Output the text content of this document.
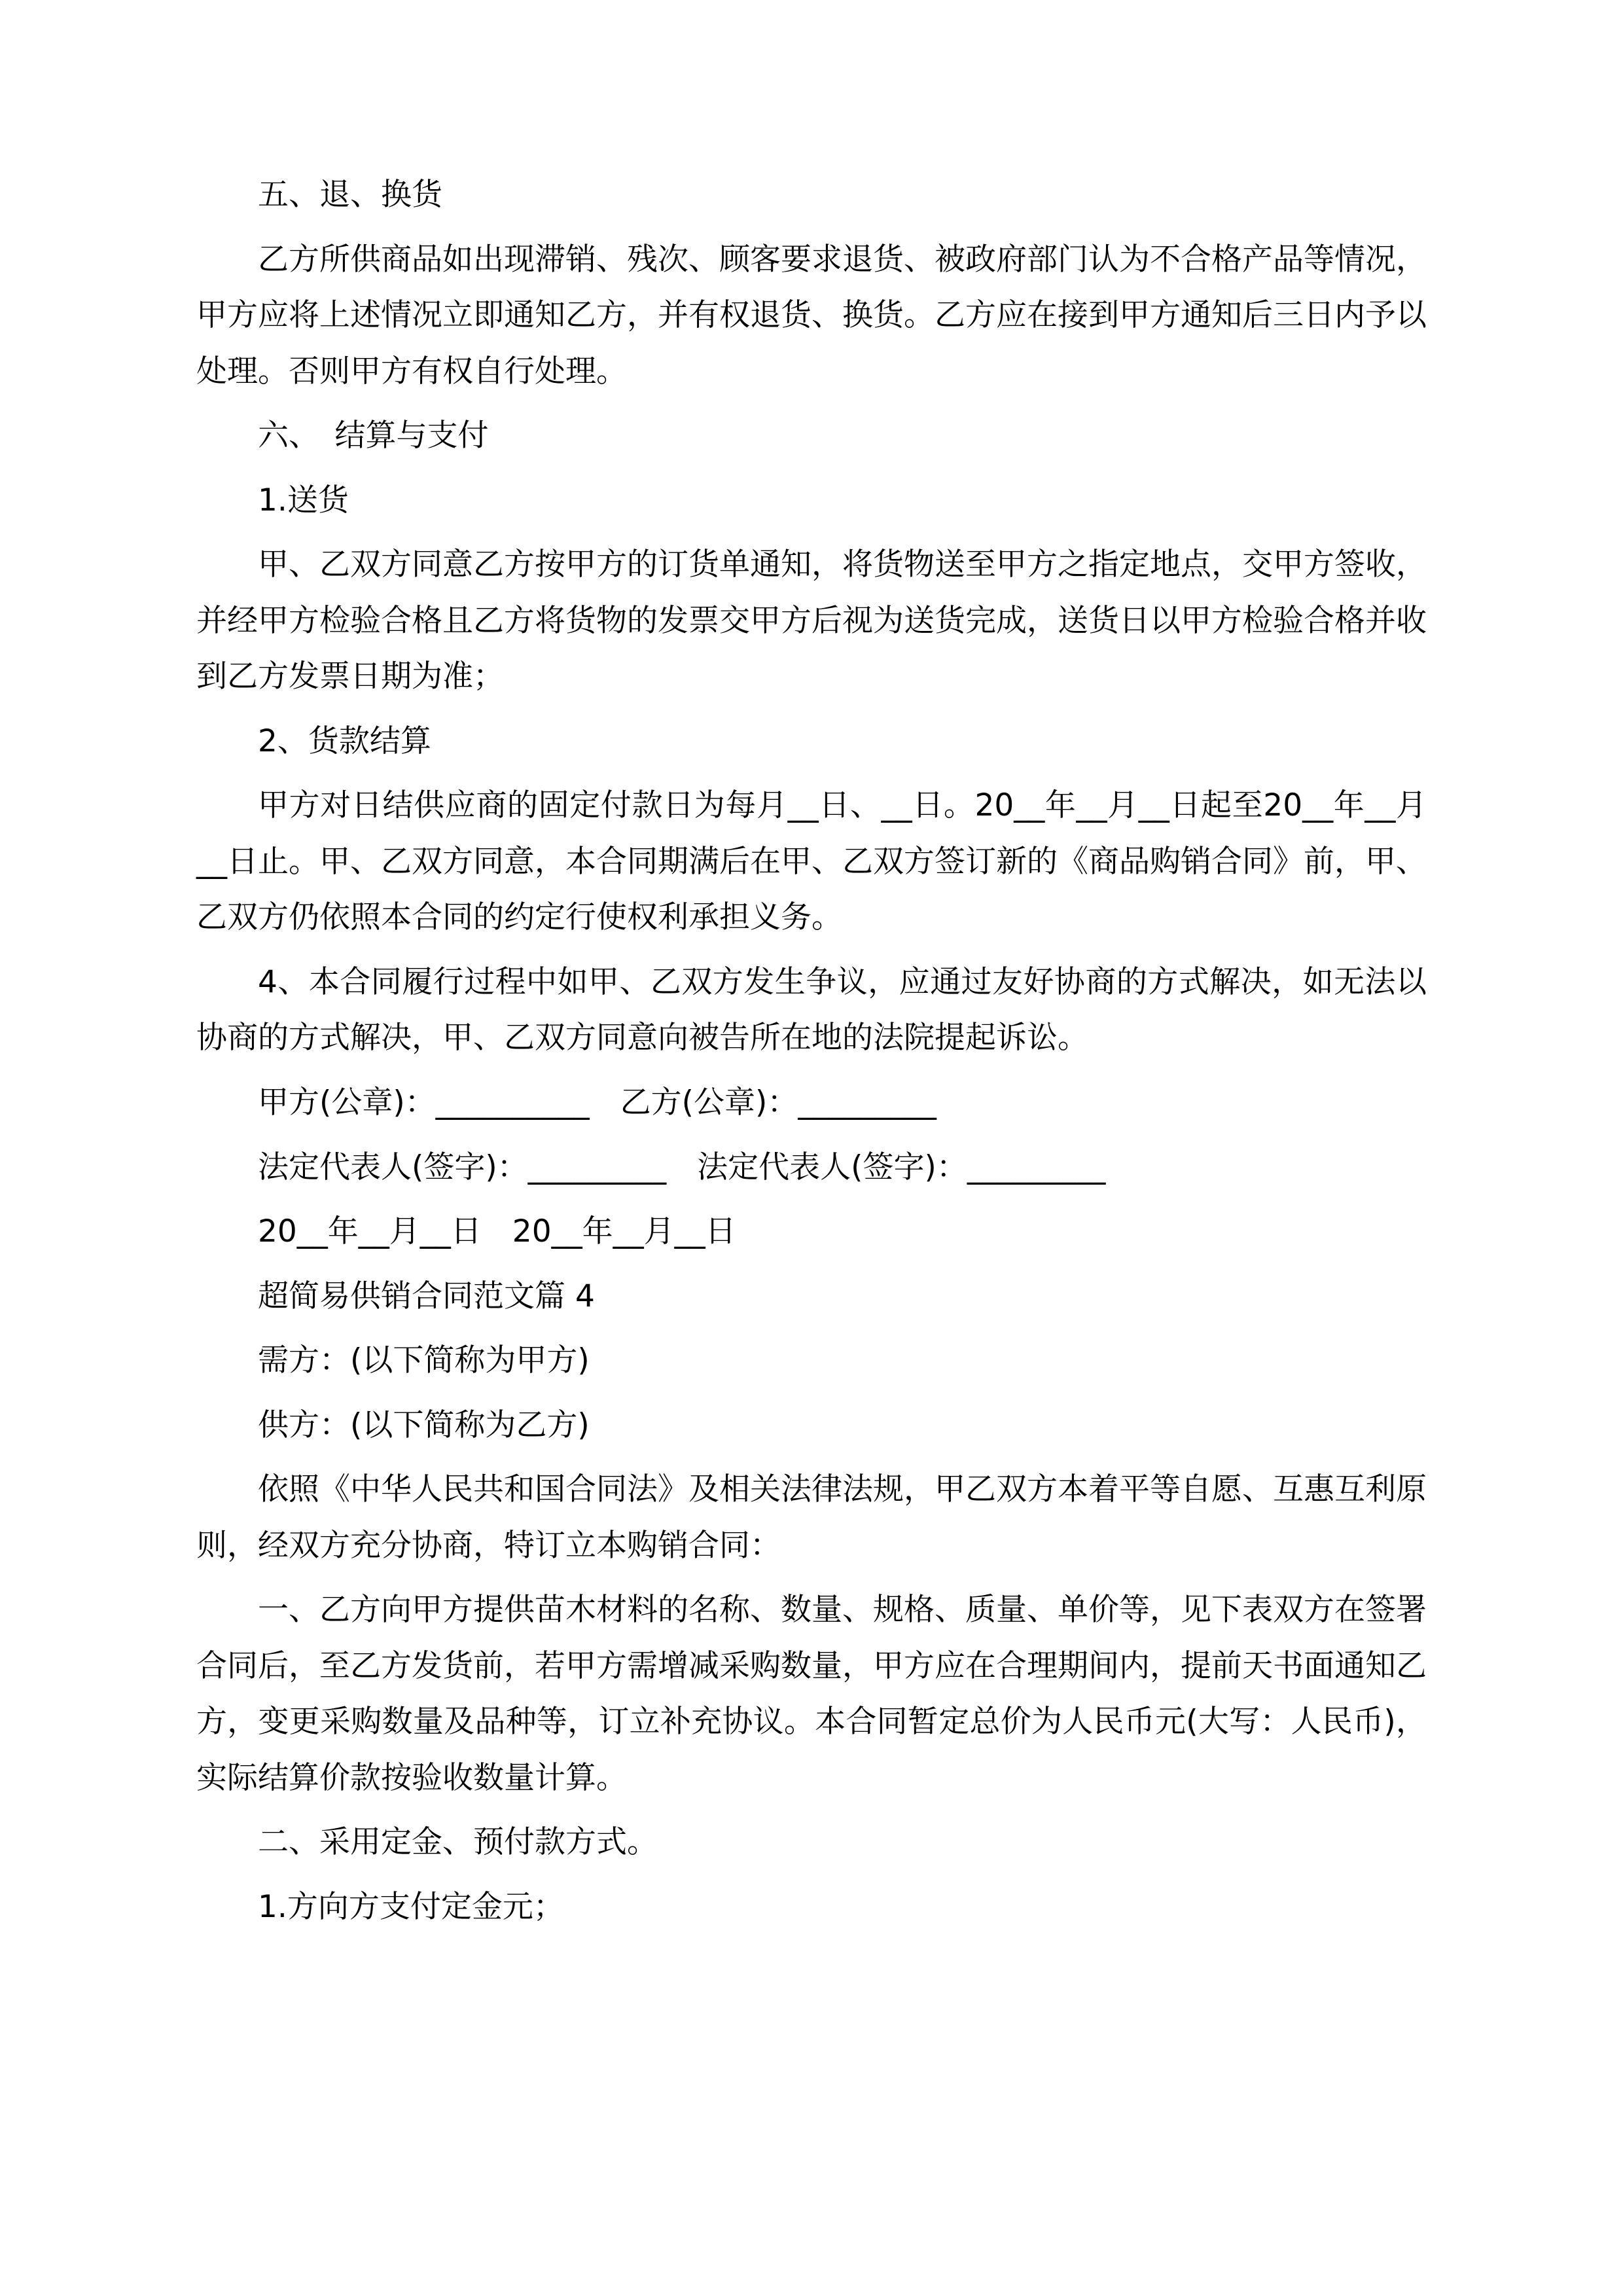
五、退、换货

乙方所供商品如出现滞销、残次、顾客要求退货、被政府部门认为不合格产品等情况，甲方应将上述情况立即通知乙方，并有权退货、换货。乙方应在接到甲方通知后三日内予以处理。否则甲方有权自行处理。

六、　结算与支付

1.送货

甲、乙双方同意乙方按甲方的订货单通知，将货物送至甲方之指定地点，交甲方签收，并经甲方检验合格且乙方将货物的发票交甲方后视为送货完成，送货日以甲方检验合格并收到乙方发票日期为准；

2、货款结算

甲方对日结供应商的固定付款日为每月__日、__日。20__年__月__日起至20__年__月__日止。甲、乙双方同意，本合同期满后在甲、乙双方签订新的《商品购销合同》前，甲、乙双方仍依照本合同的约定行使权利承担义务。

4、本合同履行过程中如甲、乙双方发生争议，应通过友好协商的方式解决，如无法以协商的方式解决，甲、乙双方同意向被告所在地的法院提起诉讼。

甲方(公章)：__________　乙方(公章)：_________

法定代表人(签字)：_________　法定代表人(签字)：_________

20__年__月__日　20__年__月__日

超简易供销合同范文篇 4

需方：(以下简称为甲方)

供方：(以下简称为乙方)

依照《中华人民共和国合同法》及相关法律法规，甲乙双方本着平等自愿、互惠互利原则，经双方充分协商，特订立本购销合同：

一、乙方向甲方提供苗木材料的名称、数量、规格、质量、单价等，见下表双方在签署合同后，至乙方发货前，若甲方需增减采购数量，甲方应在合理期间内，提前天书面通知乙方，变更采购数量及品种等，订立补充协议。本合同暂定总价为人民币元(大写：人民币)，实际结算价款按验收数量计算。

二、采用定金、预付款方式。

1.方向方支付定金元；
